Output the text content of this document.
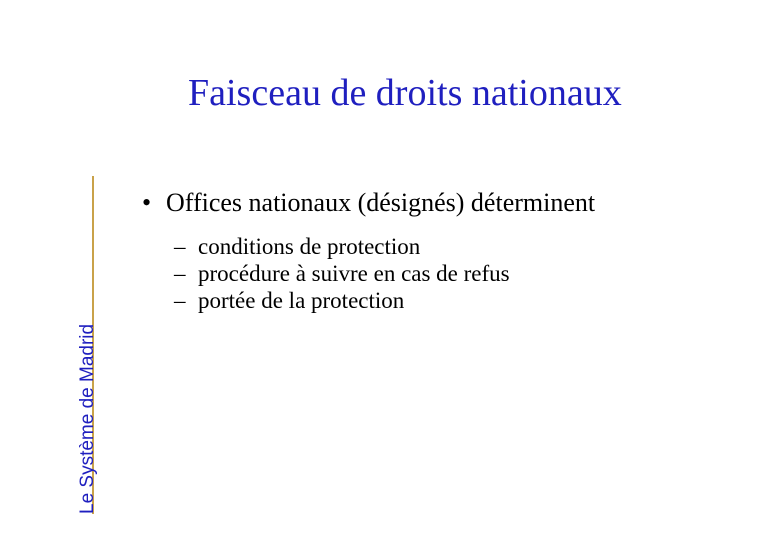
Faisceau de droits nationaux
Le Système de Madrid
• Offices nationaux (désignés) déterminent
– conditions de protection
– procédure à suivre en cas de refus
– portée de la protection
